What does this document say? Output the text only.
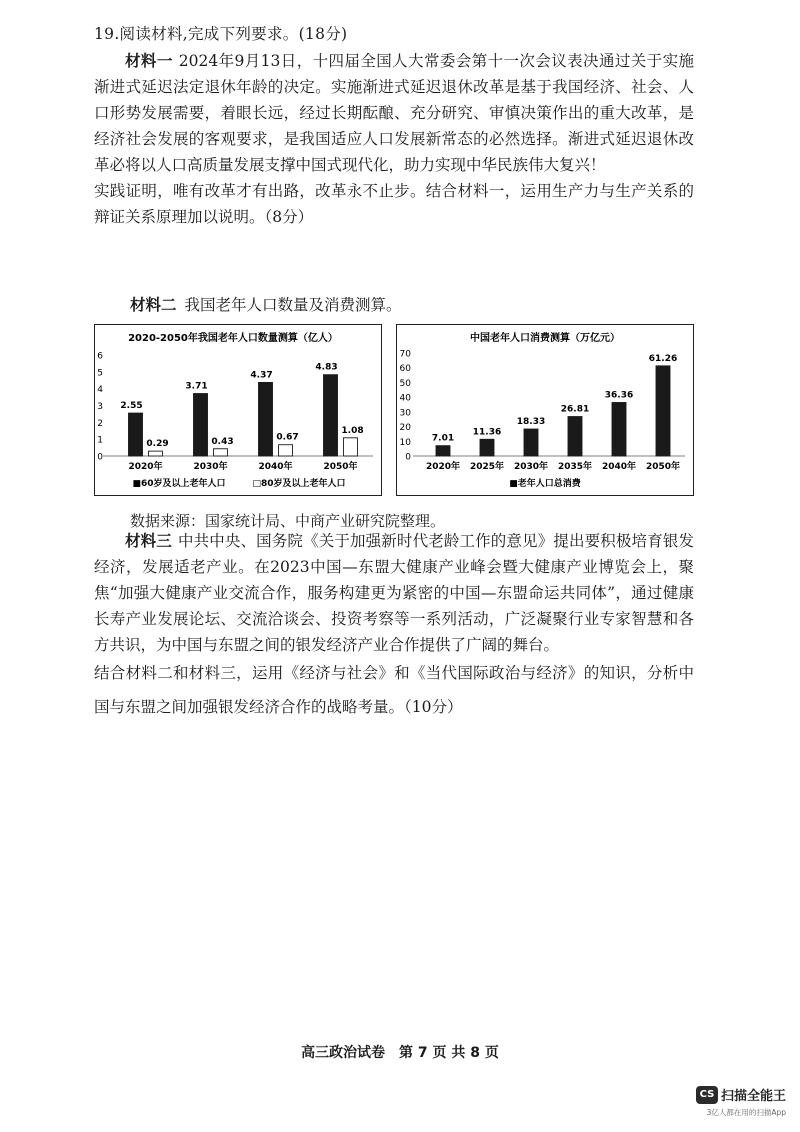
19.阅读材料,完成下列要求。(18分)
材料一 2024年9月13日，十四届全国人大常委会第十一次会议表决通过关于实施渐进式延迟法定退休年龄的决定。实施渐进式延迟退休改革是基于我国经济、社会、人口形势发展需要，着眼长远，经过长期酝酿、充分研究、审慎决策作出的重大改革，是经济社会发展的客观要求，是我国适应人口发展新常态的必然选择。渐进式延迟退休改革必将以人口高质量发展支撑中国式现代化，助力实现中华民族伟大复兴！
实践证明，唯有改革才有出路，改革永不止步。结合材料一，运用生产力与生产关系的辩证关系原理加以说明。（8分）
材料二 我国老年人口数量及消费测算。
2020-2050年我国老年人口数量测算（亿人）
0
1
2
3
4
5
6
2.55
0.29
2020年
3.71
0.43
2030年
4.37
0.67
2040年
4.83
1.08
2050年
■60岁及以上老年人口	□80岁及以上老年人口
中国老年人口消费测算（万亿元）
0
10
20
30
40
50
60
70
7.01
2020年
11.36
2025年
18.33
2030年
26.81
2035年
36.36
2040年
61.26
2050年
■老年人口总消费
数据来源：国家统计局、中商产业研究院整理。
材料三 中共中央、国务院《关于加强新时代老龄工作的意见》提出要积极培育银发经济，发展适老产业。在2023中国—东盟大健康产业峰会暨大健康产业博览会上，聚焦“加强大健康产业交流合作，服务构建更为紧密的中国—东盟命运共同体”，通过健康长寿产业发展论坛、交流洽谈会、投资考察等一系列活动，广泛凝聚行业专家智慧和各方共识，为中国与东盟之间的银发经济产业合作提供了广阔的舞台。
结合材料二和材料三，运用《经济与社会》和《当代国际政治与经济》的知识，分析中国与东盟之间加强银发经济合作的战略考量。（10分）
高三政治试卷　第 7 页 共 8 页
CS 扫描全能王
3亿人都在用的扫描App
